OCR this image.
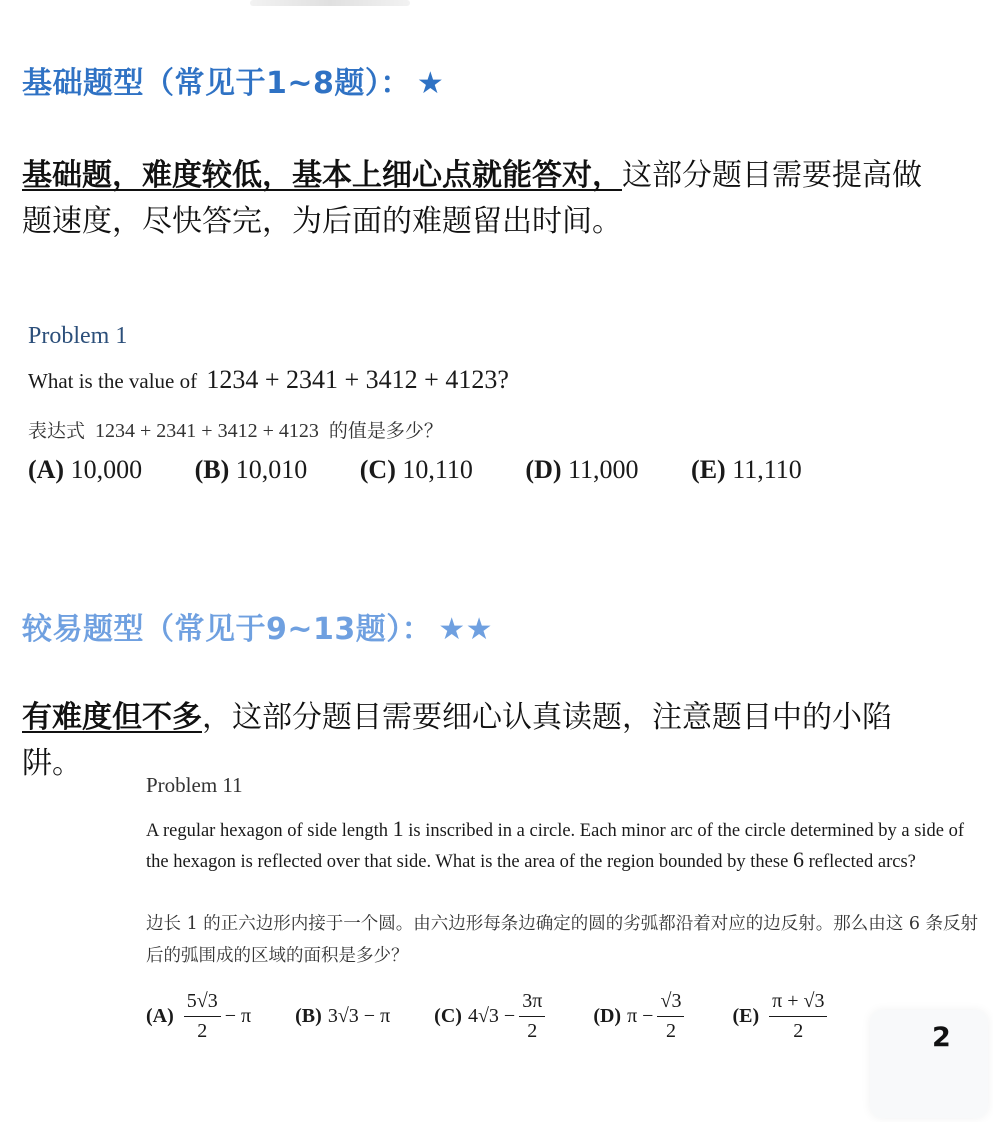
基础题型（常见于1~8题）： ★
基础题，难度较低，基本上细心点就能答对，这部分题目需要提高做题速度，尽快答完，为后面的难题留出时间。
Problem 1
What is the value of 1234 + 2341 + 3412 + 4123?
表达式 1234 + 2341 + 3412 + 4123 的值是多少？
(A) 10,000 (B) 10,010 (C) 10,110 (D) 11,000 (E) 11,110
较易题型（常见于9~13题）： ★★
有难度但不多，这部分题目需要细心认真读题，注意题目中的小陷阱。
Problem 11
A regular hexagon of side length 1 is inscribed in a circle. Each minor arc of the circle determined by a side of the hexagon is reflected over that side. What is the area of the region bounded by these 6 reflected arcs?
边长 1 的正六边形内接于一个圆。由六边形每条边确定的圆的劣弧都沿着对应的边反射。那么由这 6 条反射后的弧围成的区域的面积是多少？
$(A) \frac{5√3}{2} - \pi$ (B) 3√3 − π (C) $4√3 - \frac{3\pi}{2} (D) \pi - \frac{√3}{2} (E) \frac{\pi + √3}{2}$	2
